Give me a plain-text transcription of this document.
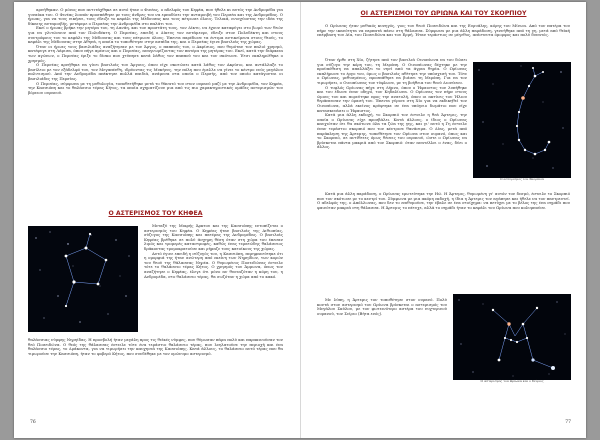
αρνήθηκαν. Ο μόνος που αντιτάχθηκε σε αυτό ήταν ο Φινέας, ο αδελφός του Κηφέα, που ήθελε κι αυτός την Ανδρομέδα για γυναίκα του. Ο Φινέας λοιπόν προσπάθησε με τους άνδρες του να εμποδίσει την ανταμοιβή του Περσέα και της Ανδρομέδας. Ο ήρωας, για να τους νικήσει, τους έδειξε το κεφάλι της Μέδουσας και τους πέτρωσε όλους. Τελικά, ενισχύοντας την ιδέα της δίκαιης ανταμοιβής, μετέφερε ο Περσέας την Ανδρομέδα στο παλάτι του.

Εκεί ο ήρωας βρήκε την μητέρα του, τη Δανάη, και τον προστάτη τους, τον Δίκτυ, να έχουν καταφύγει στο βωμό των θεών για να γλιτώσουν από τον Πολυδέκτη. Ο Περσέας, επειδή ο Δίκτυς τον αντάμειψε, έδειξε στον Πολυδέκτη και στους συντρόφους του το κεφάλι της Μέδουσας και τους πέτρωσε όλους. Έπειτα παρέδωσε τα έντιμα αντικείμενα στους θεούς, το κεφάλι της Μέδουσας στην Αθηνά, η οποία το τοποθέτησε στην ασπίδα της, και ο Περσέας έγινε βασιλιάς της χώρας.

Όταν οι ήρωες τους βασιλιάδες αναζήτησαν με τον Άργος, ο παππούς του, ο Ακρίσιος, που θυμόταν τον παλιό χρησμό, κατέφυγε στη Λάρισα, όπου πήγε αμέσως και ο Περσέας, αναγνωρίζοντας τον πατέρα της μητέρας του. Εκεί, κατά την διάρκεια των αγώνων, ο Περσέας έριξε το δίσκο που χτύπησε κατά λάθος τον παππού του και τον σκότωσε. Έτσι εκπληρώθηκε ο χρησμός.

Ο Περσέας αρνήθηκε να γίνει βασιλιάς του Άργους, όπου είχε σκοτώσει κατά λάθος τον Ακρίσιο, και αντάλλαξε το βασίλειο με τον εξάδελφό του, τον Μεγαπένθη, ιδρύοντας τις Μυκήνες, την πόλη που έμελλε να γίνει το κέντρο ενός μεγάλου πολιτισμού. Από την Ανδρομέδα απέκτησε πολλά παιδιά, ανάμεσα στα οποία ο Περσής, από τον οποίο κατάγονται οι βασιλιάδες της Περσίας.

Ο Περσέας, σύμφωνα με τη μυθολογία, τοποθετήθηκε μετά το θάνατό του στον ουρανό μαζί με την Ανδρομέδα, τον Κηφέα, την Κασσιόπη και το θαλάσσιο τέρας Κήτος, τα οποία σχηματίζουν μια από τις πιο χαρακτηριστικές ομάδες αστερισμών του βόρειου ουρανού.

Ο ΑΣΤΕΡΙΣΜΟΣ ΤΟΥ ΚΗΦΕΑ

Μεταξύ της Μικρής Άρκτου και της Κασσιόπης εντοπίζεται ο αστερισμός του Κηφέα. Ο Κηφέας ήταν βασιλιάς της Αιθιοπίας, σύζυγος της Κασσιόπης και πατέρας της Ανδρομέδας. Ο βασιλιάς Κηφέας βρέθηκε σε πολύ άσχημη θέση όταν στη χώρα του έπεσαν λιμός και τρομερές καταστροφές, καθώς ένας τερατώδης θαλάσσιος δράκοντας τρομοκρατούσε και ρήμαζε τους κατοίκους της χώρας.

Αυτό έγινε επειδή η σύζυγός του, η Κασσιόπη, περηφανεύτηκε ότι η ομορφιά της ήταν ανώτερη από εκείνη των Νηρηίδων, των κορών του θεού της θάλασσας Νηρέα. Ο θυμωμένος Ποσειδώνας έστειλε τότε το θαλάσσιο τέρας Κήτος. Ο χρησμός του Άμμωνα, όπως τον αναζήτησε ο Κηφέας, έλεγε ότι μόνο αν θυσιαζόταν η κόρη του, η Ανδρομέδα, στο θαλάσσιο τέρας, θα σωζόταν η χώρα από το κακό.

θαλάσσιας νύμφης Νηρηίδας. Η προσβολή ήταν μεγάλη προς τις θεϊκές νύμφες, που θύμωσαν πάρα πολύ και παρακινούσαν τον θεό Ποσειδώνα. Ο θεός της θάλασσας έστειλε τότε ένα τεράστιο θαλάσσιο τέρας, που λεηλατούσε την περιοχή και ένα θαλάσσιο τέρας, το Δράκοντα, για να τιμωρήσει την καυχησιά της Κασσιόπης. Κατά άλλους, το θαλάσσιο αυτό τέρας που θα τιμωρούσε την Κασσιόπη, ήταν το φοβερό Κήτος, που συνδέθηκε με τον ομώνυμο αστερισμό.

76

ΟΙ ΑΣΤΕΡΙΣΜΟΙ ΤΟΥ ΩΡΙΩΝΑ ΚΑΙ ΤΟΥ ΣΚΟΡΠΙΟΥ

Ο Ωρίωνας ήταν μυθικός κυνηγός, γιος του θεού Ποσειδώνα και της Ευρυάλης, κόρης του Μίνωα. Από τον πατέρα του πήρε την ικανότητα να περπατά πάνω στη θάλασσα. Σύμφωνα με μια άλλη παράδοση, γεννήθηκε από τη γη, μετά από θεϊκή επέμβαση του Δία, του Ποσειδώνα και του Ερμή. Ήταν τεράστιος σε μέγεθος, απίστευτα όμορφος και πολύ δυνατός.

Όταν ήρθε στη Χίο, ζήτησε από τον βασιλιά Οινοπίωνα να του δώσει για σύζυγο την κόρη του, τη Μερόπη. Ο Οινοπίωνας δέχτηκε με την προϋπόθεση να απαλλάξει το νησί από τα άγρια θηρία. Ο Ωρίωνας εκπλήρωσε το έργο του, όμως ο βασιλιάς αθέτησε την υπόσχεσή του. Τότε ο Ωρίωνας, μεθυσμένος, προσπάθησε να βιάσει τη Μερόπη. Για να τον τιμωρήσει, ο Οινοπίωνας τον τύφλωσε, με τη βοήθεια του θεού Διονύσου.

Ο τυφλός Ωρίωνας πήγε στη Λήμνο, όπου ο Ήφαιστος τον λυπήθηκε και του έδωσε έναν οδηγό, τον Κηδαλίωνα. Ο Ωρίωνας τον πήρε στους ώμους του και πορεύτηκε προς την ανατολή, όπου οι ακτίνες του Ήλιου θεράπευσαν την όρασή του. Έπειτα γύρισε στη Χίο για να εκδικηθεί τον Οινοπίωνα, αλλά εκείνος κρύφτηκε σε ένα υπόγειο δωμάτιο που είχε κατασκευάσει ο Ήφαιστος.

Κατά μια άλλη εκδοχή, το Σκορπιό τον έστειλε η θεά Άρτεμις, την οποία ο Ωρίωνας είχε προσβάλει. Κατά άλλους, ο ίδιος ο Ωρίωνας καυχιόταν ότι θα σκότωνε όλα τα ζώα της γης, και γι' αυτό η Γη έστειλε έναν τεράστιο σκορπιό που τον κέντρισε θανάσιμα. Ο Δίας, μετά από παράκληση της Άρτεμης, τοποθέτησε τον Ωρίωνα στον ουρανό, όπως και το Σκορπιό, σε αντίθετες όμως θέσεις του ουρανού, ώστε ο Ωρίωνας να βρίσκεται πάντα μακριά από τον Σκορπιό: όταν ανατέλλει ο ένας, δύει ο άλλος.

Ο αστερισμός του Σκορπιού

Κατά μια άλλη παράδοση, ο Ωρίωνας ερωτεύτηκε την Ηώ. Η Άρτεμις, θυμωμένη γι' αυτόν τον δεσμό, έστειλε το Σκορπιό που τον σκότωσε με το κεντρί του. Σύμφωνα με μια ακόμη εκδοχή, η ίδια η Άρτεμις τον αγάπησε και ήθελε να τον παντρευτεί. Ο αδελφός της, ο Απόλλωνας, που δεν το επιθυμούσε, την έβαλε σε ένα στοίχημα: να πετύχει με το βέλος της ένα σημάδι που φαινόταν μακριά στη θάλασσα. Η Άρτεμις το πέτυχε, αλλά το σημάδι ήταν το κεφάλι του Ωρίωνα που κολυμπούσε.

Με λύπη, η Άρτεμις τον τοποθέτησε στον ουρανό. Πολύ κοντά στον αστερισμό του Ωρίωνα βρίσκεται ο αστερισμός του Μεγάλου Σκύλου, με τον φωτεινότερο αστέρα του νυχτερινού ουρανού, τον Σείριο (Βήτα ενός).

Ο αστερισμός του Ωρίωνα και ο Σείριος

77
